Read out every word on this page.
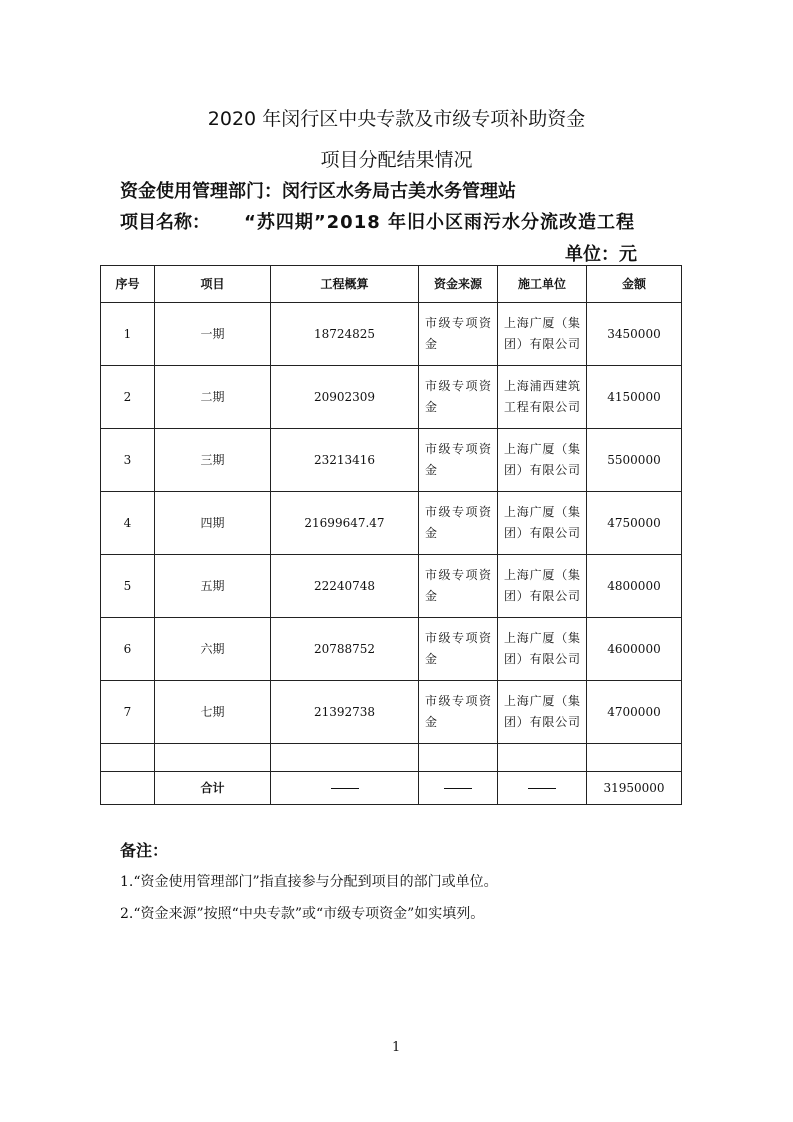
2020 年闵行区中央专款及市级专项补助资金
项目分配结果情况
资金使用管理部门：闵行区水务局古美水务管理站
项目名称： “苏四期”2018 年旧小区雨污水分流改造工程
单位：元
序号	项目	工程概算	资金来源	施工单位	金额
1	一期	18724825	市级专项资金	上海广厦（集团）有限公司	3450000
2	二期	20902309	市级专项资金	上海浦西建筑工程有限公司	4150000
3	三期	23213416	市级专项资金	上海广厦（集团）有限公司	5500000
4	四期	21699647.47	市级专项资金	上海广厦（集团）有限公司	4750000
5	五期	22240748	市级专项资金	上海广厦（集团）有限公司	4800000
6	六期	20788752	市级专项资金	上海广厦（集团）有限公司	4600000
7	七期	21392738	市级专项资金	上海广厦（集团）有限公司	4700000

	合计				31950000
备注：
1.“资金使用管理部门”指直接参与分配到项目的部门或单位。
2.“资金来源”按照“中央专款”或“市级专项资金”如实填列。
1
